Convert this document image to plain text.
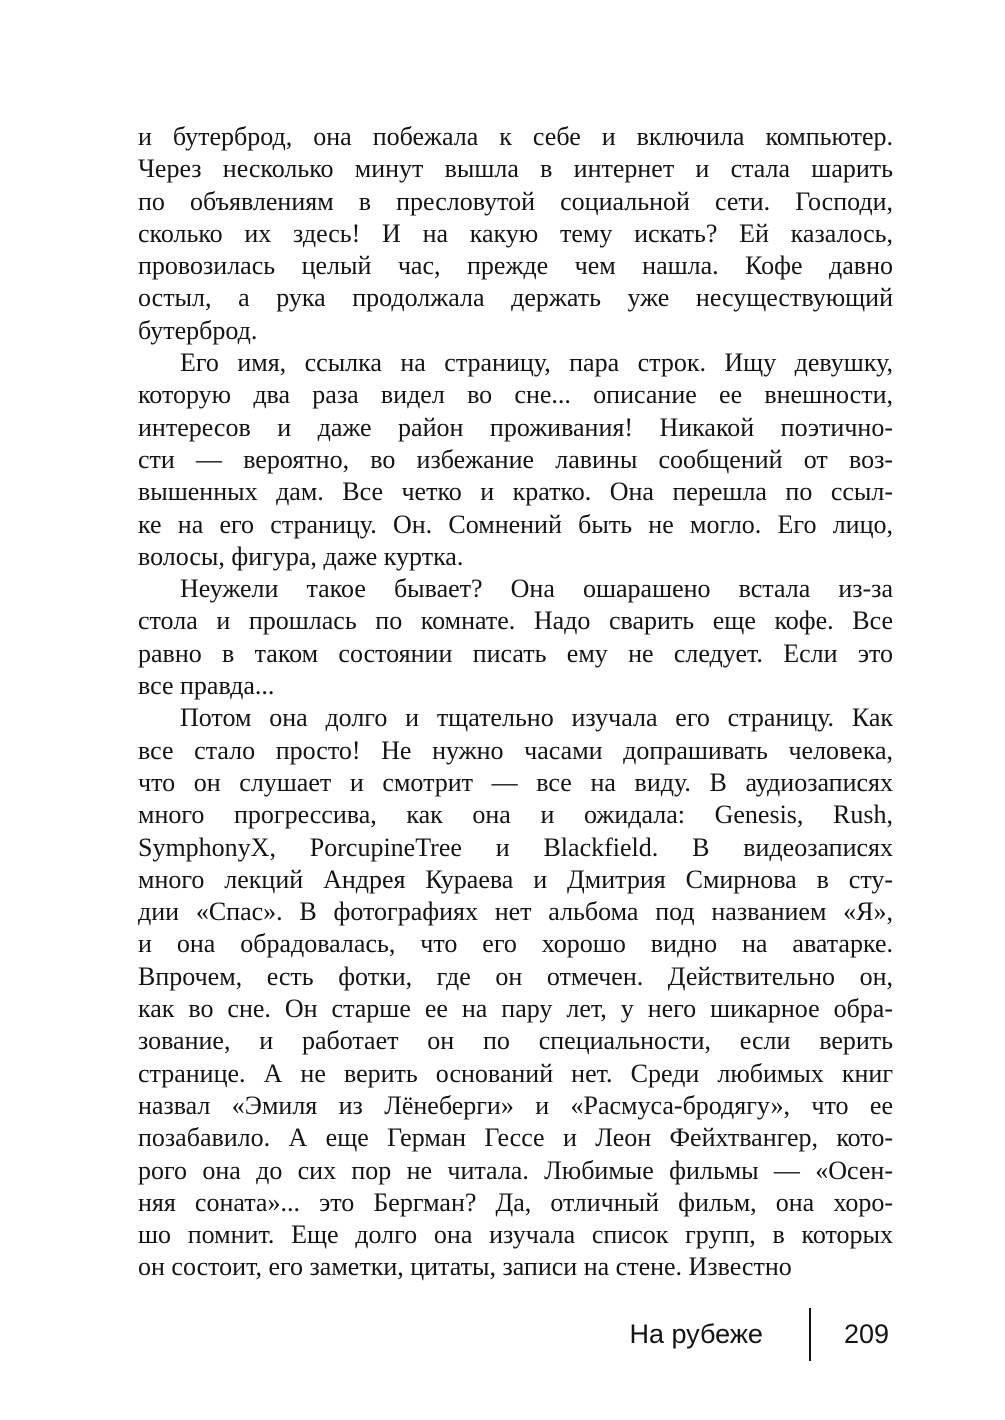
и бутерброд, она побежала к себе и включила компьютер.
Через несколько минут вышла в интернет и стала шарить
по объявлениям в пресловутой социальной сети. Господи,
сколько их здесь! И на какую тему искать? Ей казалось,
провозилась целый час, прежде чем нашла. Кофе давно
остыл, а рука продолжала держать уже несуществующий
бутерброд.

Его имя, ссылка на страницу, пара строк. Ищу девушку,
которую два раза видел во сне... описание ее внешности,
интересов и даже район проживания! Никакой поэтично-
сти — вероятно, во избежание лавины сообщений от воз-
вышенных дам. Все четко и кратко. Она перешла по ссыл-
ке на его страницу. Он. Сомнений быть не могло. Его лицо,
волосы, фигура, даже куртка.

Неужели такое бывает? Она ошарашено встала из-за
стола и прошлась по комнате. Надо сварить еще кофе. Все
равно в таком состоянии писать ему не следует. Если это
все правда...

Потом она долго и тщательно изучала его страницу. Как
все стало просто! Не нужно часами допрашивать человека,
что он слушает и смотрит — все на виду. В аудиозаписях
много прогрессива, как она и ожидала: Genesis, Rush,
SymphonyX, PorcupineTree и Blackfield. В видеозаписях
много лекций Андрея Кураева и Дмитрия Смирнова в сту-
дии «Спас». В фотографиях нет альбома под названием «Я»,
и она обрадовалась, что его хорошо видно на аватарке.
Впрочем, есть фотки, где он отмечен. Действительно он,
как во сне. Он старше ее на пару лет, у него шикарное обра-
зование, и работает он по специальности, если верить
странице. А не верить оснований нет. Среди любимых книг
назвал «Эмиля из Лёнеберги» и «Расмуса-бродягу», что ее
позабавило. А еще Герман Гессе и Леон Фейхтвангер, кото-
рого она до сих пор не читала. Любимые фильмы — «Осен-
няя соната»... это Бергман? Да, отличный фильм, она хоро-
шо помнит. Еще долго она изучала список групп, в которых
он состоит, его заметки, цитаты, записи на стене. Известно

На рубеже	209
